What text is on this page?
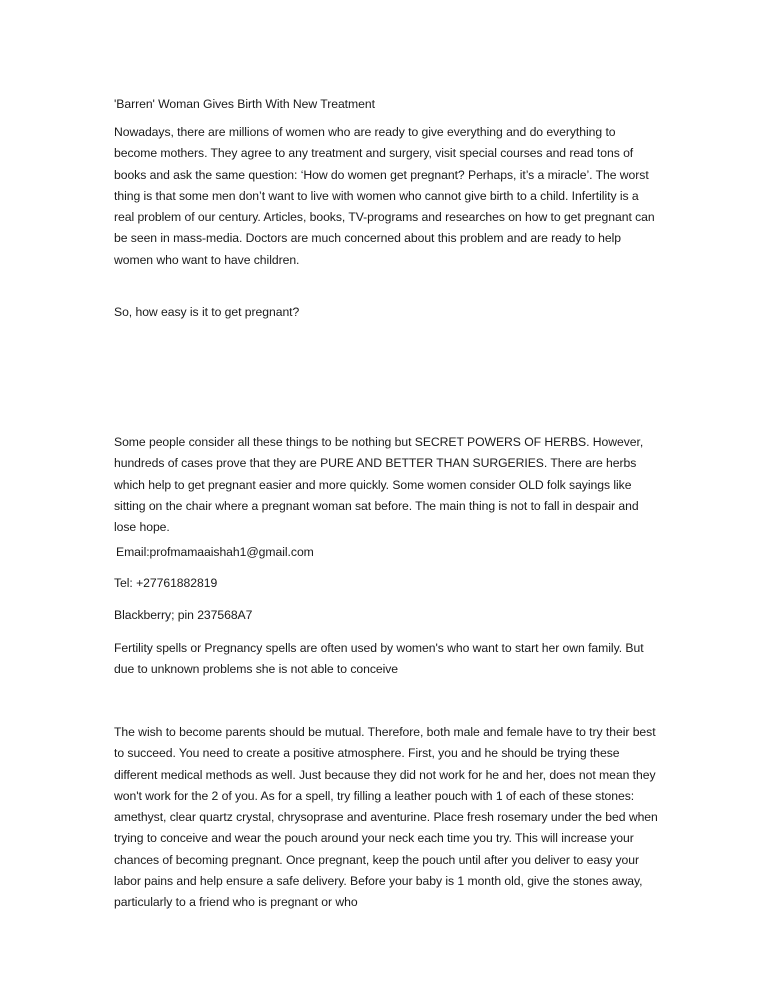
'Barren' Woman Gives Birth With New Treatment

Nowadays, there are millions of women who are ready to give everything and do everything to become mothers. They agree to any treatment and surgery, visit special courses and read tons of books and ask the same question: ‘How do women get pregnant? Perhaps, it’s a miracle’. The worst thing is that some men don’t want to live with women who cannot give birth to a child. Infertility is a real problem of our century. Articles, books, TV-programs and researches on how to get pregnant can be seen in mass-media. Doctors are much concerned about this problem and are ready to help women who want to have children.

So, how easy is it to get pregnant?

Some people consider all these things to be nothing but SECRET POWERS OF HERBS. However, hundreds of cases prove that they are PURE AND BETTER THAN SURGERIES. There are herbs which help to get pregnant easier and more quickly. Some women consider OLD folk sayings like sitting on the chair where a pregnant woman sat before. The main thing is not to fall in despair and lose hope.

Email:profmamaaishah1@gmail.com

Tel: +27761882819

Blackberry; pin 237568A7

Fertility spells or Pregnancy spells are often used by women's who want to start her own family. But due to unknown problems she is not able to conceive

The wish to become parents should be mutual. Therefore, both male and female have to try their best to succeed. You need to create a positive atmosphere. First, you and he should be trying these different medical methods as well. Just because they did not work for he and her, does not mean they won't work for the 2 of you. As for a spell, try filling a leather pouch with 1 of each of these stones: amethyst, clear quartz crystal, chrysoprase and aventurine. Place fresh rosemary under the bed when trying to conceive and wear the pouch around your neck each time you try. This will increase your chances of becoming pregnant. Once pregnant, keep the pouch until after you deliver to easy your labor pains and help ensure a safe delivery. Before your baby is 1 month old, give the stones away, particularly to a friend who is pregnant or who
